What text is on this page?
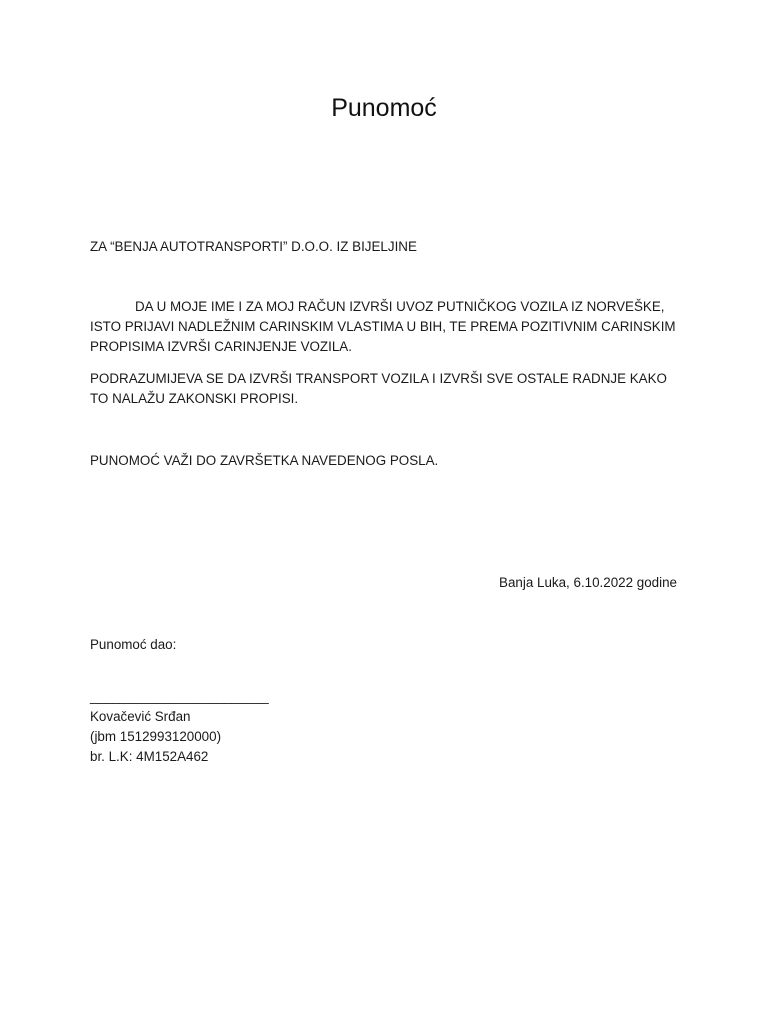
Punomoć
ZA “BENJA AUTOTRANSPORTI” D.O.O. IZ BIJELJINE
DA U MOJE IME I ZA MOJ RAČUN IZVRŠI UVOZ PUTNIČKOG VOZILA IZ NORVEŠKE, ISTO PRIJAVI NADLEŽNIM CARINSKIM VLASTIMA U BIH, TE PREMA POZITIVNIM CARINSKIM PROPISIMA IZVRŠI CARINJENJE VOZILA.
PODRAZUMIJEVA SE DA IZVRŠI TRANSPORT VOZILA I IZVRŠI SVE OSTALE RADNJE KAKO TO NALAŽU ZAKONSKI PROPISI.
PUNOMOĆ VAŽI DO ZAVRŠETKA NAVEDENOG POSLA.
Banja Luka, 6.10.2022 godine
Punomoć dao:
________________________
Kovačević Srđan
(jbm 1512993120000)
br. L.K: 4M152A462
